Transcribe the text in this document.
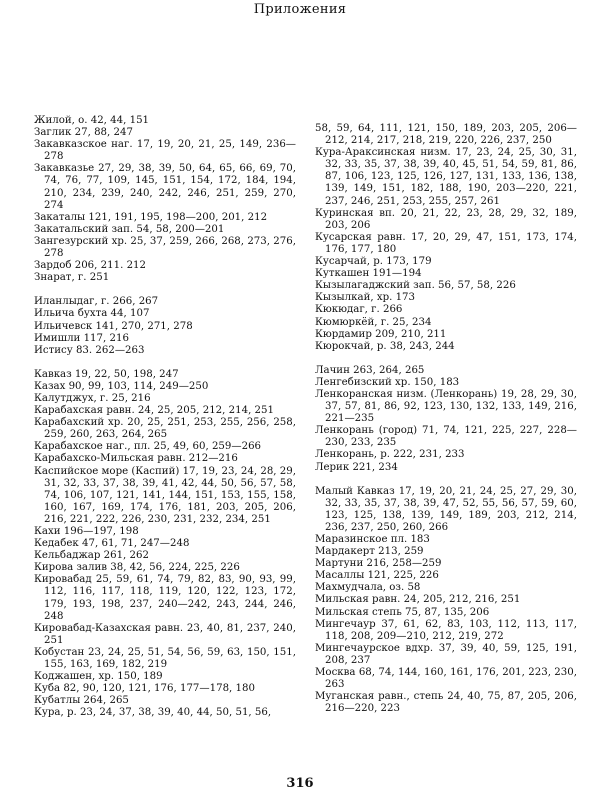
Приложения

Жилой, о. 42, 44, 151

Заглик 27, 88, 247

Закавказское наг. 17, 19, 20, 21, 25, 149, 236—278

Закавказье 27, 29, 38, 39, 50, 64, 65, 66, 69, 70, 74, 76, 77, 109, 145, 151, 154, 172, 184, 194, 210, 234, 239, 240, 242, 246, 251, 259, 270, 274

Закаталы 121, 191, 195, 198—200, 201, 212

Закатальский зап. 54, 58, 200—201

Зангезурский хр. 25, 37, 259, 266, 268, 273, 276, 278

Зардоб 206, 211. 212

Знарат, г. 251

Иланлыдаг, г. 266, 267

Ильича бухта 44, 107

Ильичевск 141, 270, 271, 278

Имишли 117, 216

Истису 83. 262—263

Кавказ 19, 22, 50, 198, 247

Казах 90, 99, 103, 114, 249—250

Калутджух, г. 25, 216

Карабахская равн. 24, 25, 205, 212, 214, 251

Карабахский хр. 20, 25, 251, 253, 255, 256, 258, 259, 260, 263, 264, 265

Карабахское наг., пл. 25, 49, 60, 259—266

Карабахско-Мильская равн. 212—216

Каспийское море (Каспий) 17, 19, 23, 24, 28, 29, 31, 32, 33, 37, 38, 39, 41, 42, 44, 50, 56, 57, 58, 74, 106, 107, 121, 141, 144, 151, 153, 155, 158, 160, 167, 169, 174, 176, 181, 203, 205, 206, 216, 221, 222, 226, 230, 231, 232, 234, 251

Кахи 196—197, 198

Кедабек 47, 61, 71, 247—248

Кельбаджар 261, 262

Кирова залив 38, 42, 56, 224, 225, 226

Кировабад 25, 59, 61, 74, 79, 82, 83, 90, 93, 99, 112, 116, 117, 118, 119, 120, 122, 123, 172, 179, 193, 198, 237, 240—242, 243, 244, 246, 248

Кировабад-Казахская равн. 23, 40, 81, 237, 240, 251

Кобустан 23, 24, 25, 51, 54, 56, 59, 63, 150, 151, 155, 163, 169, 182, 219

Коджашен, хр. 150, 189

Куба 82, 90, 120, 121, 176, 177—178, 180

Кубатлы 264, 265

Кура, р. 23, 24, 37, 38, 39, 40, 44, 50, 51, 56,

58, 59, 64, 111, 121, 150, 189, 203, 205, 206—212, 214, 217, 218, 219, 220, 226, 237, 250

Кура-Араксинская низм. 17, 23, 24, 25, 30, 31, 32, 33, 35, 37, 38, 39, 40, 45, 51, 54, 59, 81, 86, 87, 106, 123, 125, 126, 127, 131, 133, 136, 138, 139, 149, 151, 182, 188, 190, 203—220, 221, 237, 246, 251, 253, 255, 257, 261

Куринская вп. 20, 21, 22, 23, 28, 29, 32, 189, 203, 206

Кусарская равн. 17, 20, 29, 47, 151, 173, 174, 176, 177, 180

Кусарчай, р. 173, 179

Куткашен 191—194

Кызылагаджский зап. 56, 57, 58, 226

Кызылкай, хр. 173

Кюкюдаг, г. 266

Кюмюркёй, г. 25, 234

Кюрдамир 209, 210, 211

Кюрокчай, р. 38, 243, 244

Лачин 263, 264, 265

Ленгебизский хр. 150, 183

Ленкоранская низм. (Ленкорань) 19, 28, 29, 30, 37, 57, 81, 86, 92, 123, 130, 132, 133, 149, 216, 221—235

Ленкорань (город) 71, 74, 121, 225, 227, 228—230, 233, 235

Ленкорань, р. 222, 231, 233

Лерик 221, 234

Малый Кавказ 17, 19, 20, 21, 24, 25, 27, 29, 30, 32, 33, 35, 37, 38, 39, 47, 52, 55, 56, 57, 59, 60, 123, 125, 138, 139, 149, 189, 203, 212, 214, 236, 237, 250, 260, 266

Маразинское пл. 183

Мардакерт 213, 259

Мартуни 216, 258—259

Масаллы 121, 225, 226

Махмудчала, оз. 58

Мильская равн. 24, 205, 212, 216, 251

Мильская степь 75, 87, 135, 206

Мингечаур 37, 61, 62, 83, 103, 112, 113, 117, 118, 208, 209—210, 212, 219, 272

Мингечаурское вдхр. 37, 39, 40, 59, 125, 191, 208, 237

Москва 68, 74, 144, 160, 161, 176, 201, 223, 230, 263

Муганская равн., степь 24, 40, 75, 87, 205, 206, 216—220, 223

316
